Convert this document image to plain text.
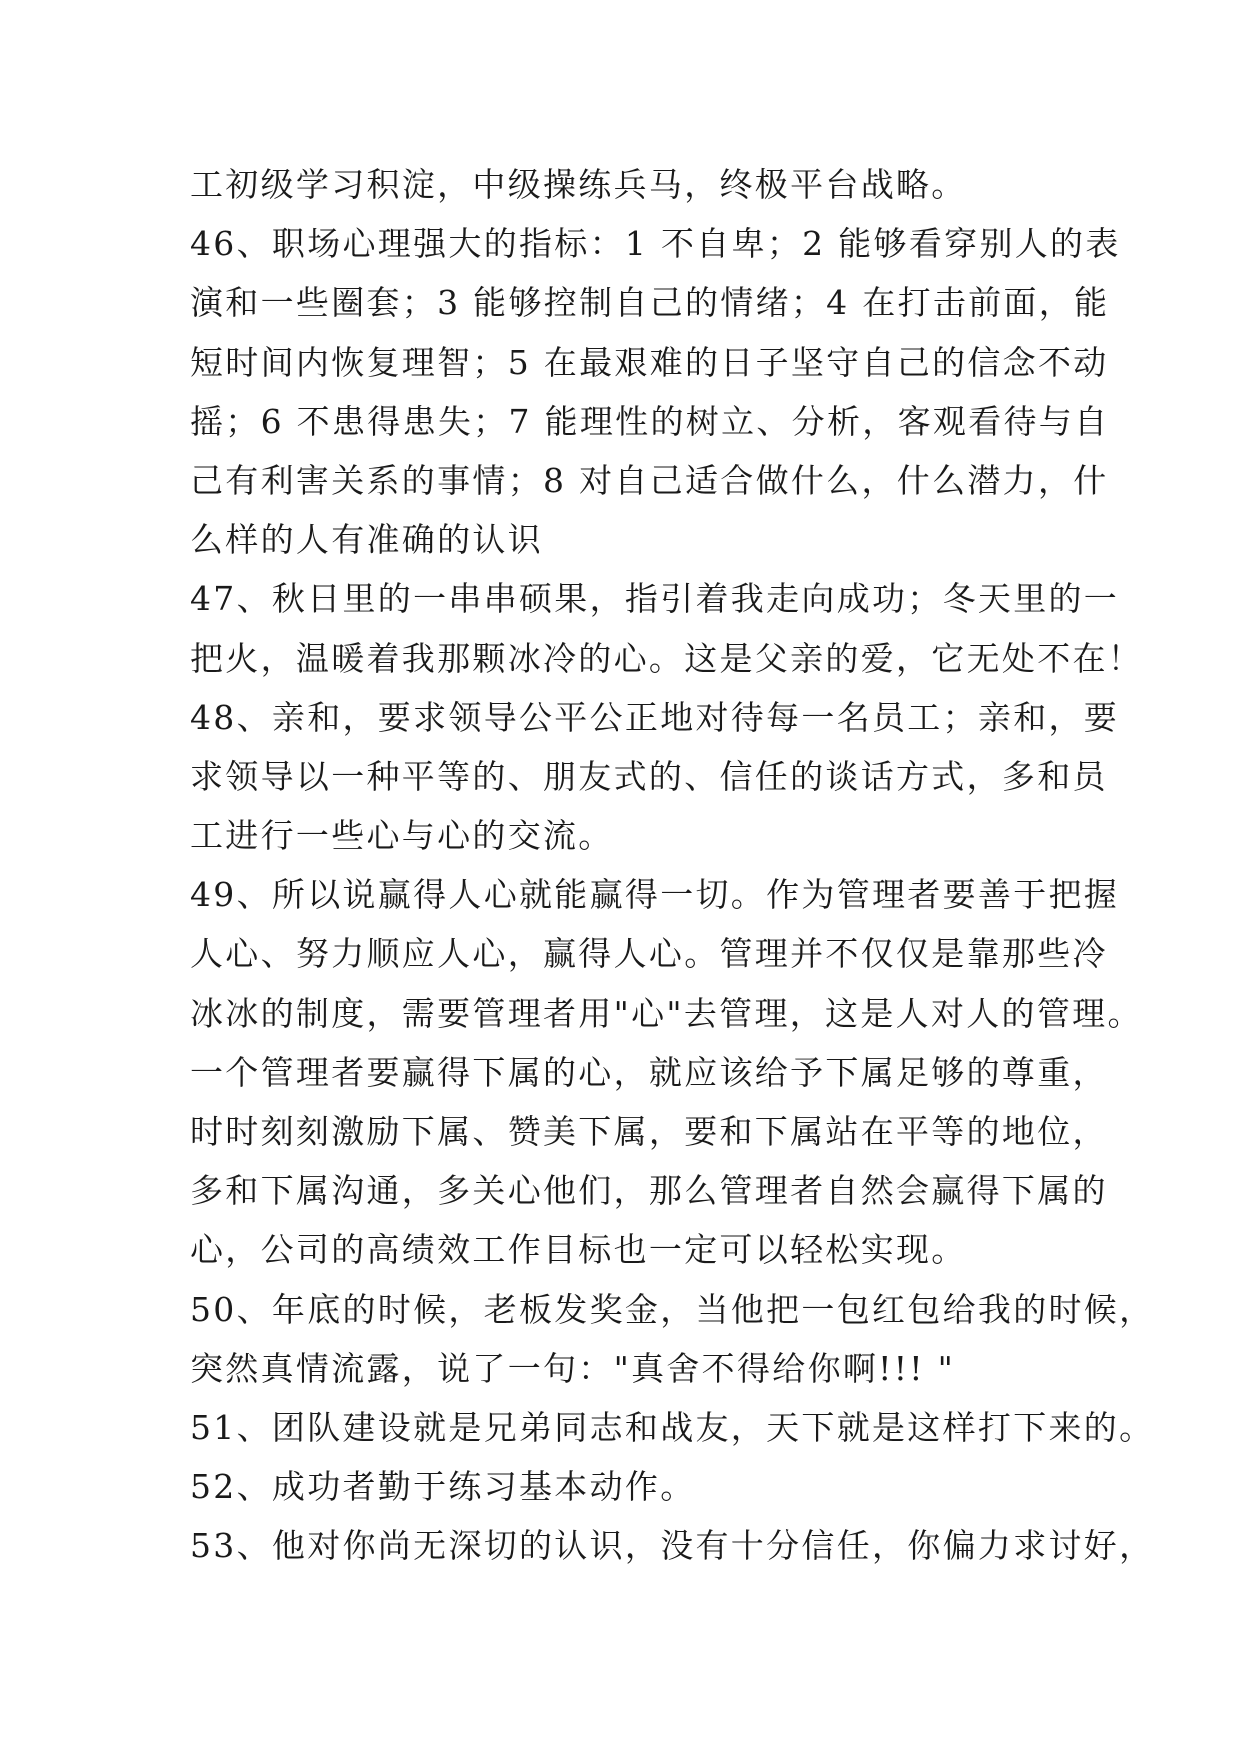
工初级学习积淀，中级操练兵马，终极平台战略。
46、职场心理强大的指标：1 不自卑；2 能够看穿别人的表
演和一些圈套；3 能够控制自己的情绪；4 在打击前面，能
短时间内恢复理智；5 在最艰难的日子坚守自己的信念不动
摇；6 不患得患失；7 能理性的树立、分析，客观看待与自
己有利害关系的事情；8 对自己适合做什么，什么潜力，什
么样的人有准确的认识
47、秋日里的一串串硕果，指引着我走向成功；冬天里的一
把火，温暖着我那颗冰冷的心。这是父亲的爱，它无处不在！
48、亲和，要求领导公平公正地对待每一名员工；亲和，要
求领导以一种平等的、朋友式的、信任的谈话方式，多和员
工进行一些心与心的交流。
49、所以说赢得人心就能赢得一切。作为管理者要善于把握
人心、努力顺应人心，赢得人心。管理并不仅仅是靠那些冷
冰冰的制度，需要管理者用"心"去管理，这是人对人的管理。
一个管理者要赢得下属的心，就应该给予下属足够的尊重，
时时刻刻激励下属、赞美下属，要和下属站在平等的地位，
多和下属沟通，多关心他们，那么管理者自然会赢得下属的
心，公司的高绩效工作目标也一定可以轻松实现。
50、年底的时候，老板发奖金，当他把一包红包给我的时候，
突然真情流露，说了一句："真舍不得给你啊!!! "
51、团队建设就是兄弟同志和战友，天下就是这样打下来的。
52、成功者勤于练习基本动作。
53、他对你尚无深切的认识，没有十分信任，你偏力求讨好，
